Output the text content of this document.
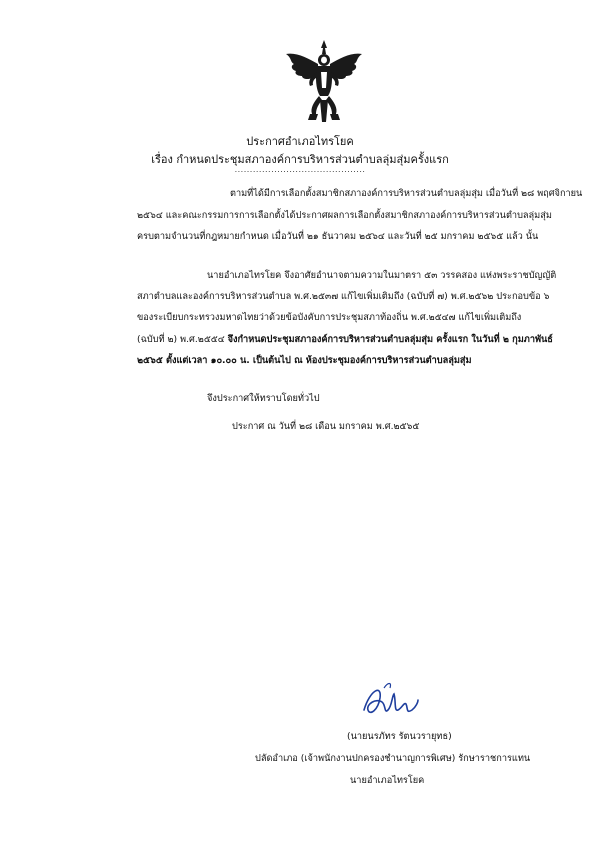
ประกาศอำเภอไทรโยค
เรื่อง กำหนดประชุมสภาองค์การบริหารส่วนตำบลลุ่มสุ่มครั้งแรก
...........................................
ตามที่ได้มีการเลือกตั้งสมาชิกสภาองค์การบริหารส่วนตำบลลุ่มสุ่ม เมื่อวันที่ ๒๘ พฤศจิกายน
๒๕๖๔ และคณะกรรมการการเลือกตั้งได้ประกาศผลการเลือกตั้งสมาชิกสภาองค์การบริหารส่วนตำบลลุ่มสุ่ม
ครบตามจำนวนที่กฎหมายกำหนด เมื่อวันที่ ๒๑ ธันวาคม ๒๕๖๔ และวันที่ ๒๕ มกราคม ๒๕๖๕ แล้ว นั้น
นายอำเภอไทรโยค จึงอาศัยอำนาจตามความในมาตรา ๕๓ วรรคสอง แห่งพระราชบัญญัติ
สภาตำบลและองค์การบริหารส่วนตำบล พ.ศ.๒๕๓๗ แก้ไขเพิ่มเติมถึง (ฉบับที่ ๗) พ.ศ.๒๕๖๒ ประกอบข้อ ๖
ของระเบียบกระทรวงมหาดไทยว่าด้วยข้อบังคับการประชุมสภาท้องถิ่น พ.ศ.๒๕๔๗ แก้ไขเพิ่มเติมถึง
(ฉบับที่ ๒) พ.ศ.๒๕๕๔ จึงกำหนดประชุมสภาองค์การบริหารส่วนตำบลลุ่มสุ่ม ครั้งแรก ในวันที่ ๒ กุมภาพันธ์
๒๕๖๕ ตั้งแต่เวลา ๑๐.๐๐ น. เป็นต้นไป ณ ห้องประชุมองค์การบริหารส่วนตำบลลุ่มสุ่ม
จึงประกาศให้ทราบโดยทั่วไป
ประกาศ ณ วันที่ ๒๘ เดือน มกราคม พ.ศ.๒๕๖๕
(นายนรภัทร รัตนวรายุทธ)
ปลัดอำเภอ (เจ้าพนักงานปกครองชำนาญการพิเศษ) รักษาราชการแทน
นายอำเภอไทรโยค
